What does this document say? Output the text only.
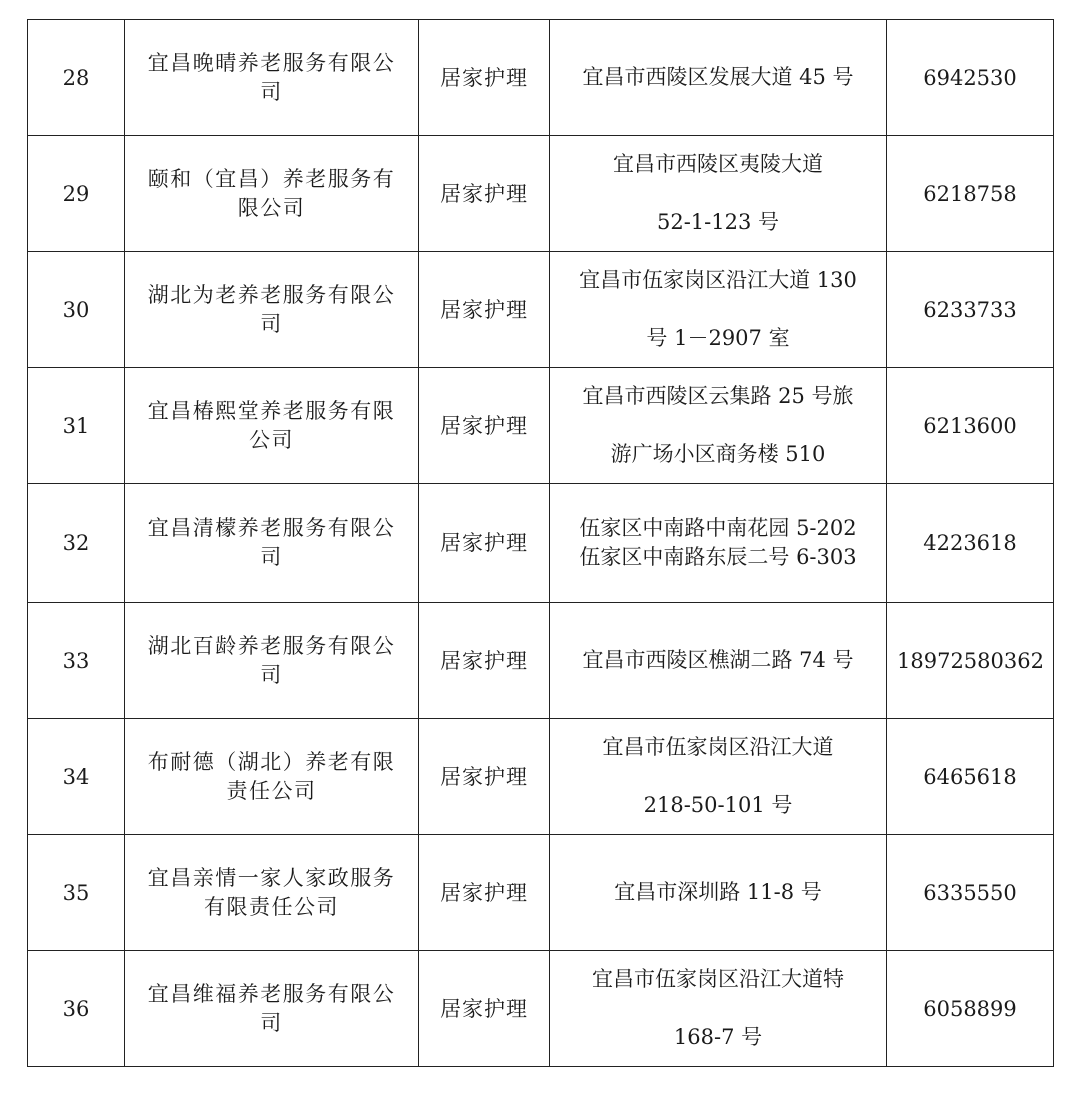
28	宜昌晚晴养老服务有限公司	居家护理	宜昌市西陵区发展大道 45 号	6942530
29	颐和（宜昌）养老服务有限公司	居家护理	宜昌市西陵区夷陵大道
52-1-123 号	6218758
30	湖北为老养老服务有限公司	居家护理	宜昌市伍家岗区沿江大道 130
号 1－2907 室	6233733
31	宜昌椿熙堂养老服务有限公司	居家护理	宜昌市西陵区云集路 25 号旅
游广场小区商务楼 510	6213600
32	宜昌清檬养老服务有限公司	居家护理	伍家区中南路中南花园 5-202
伍家区中南路东辰二号 6-303	4223618
33	湖北百龄养老服务有限公司	居家护理	宜昌市西陵区樵湖二路 74 号	18972580362
34	布耐德（湖北）养老有限责任公司	居家护理	宜昌市伍家岗区沿江大道
218-50-101 号	6465618
35	宜昌亲情一家人家政服务有限责任公司	居家护理	宜昌市深圳路 11-8 号	6335550
36	宜昌维福养老服务有限公司	居家护理	宜昌市伍家岗区沿江大道特
168-7 号	6058899
